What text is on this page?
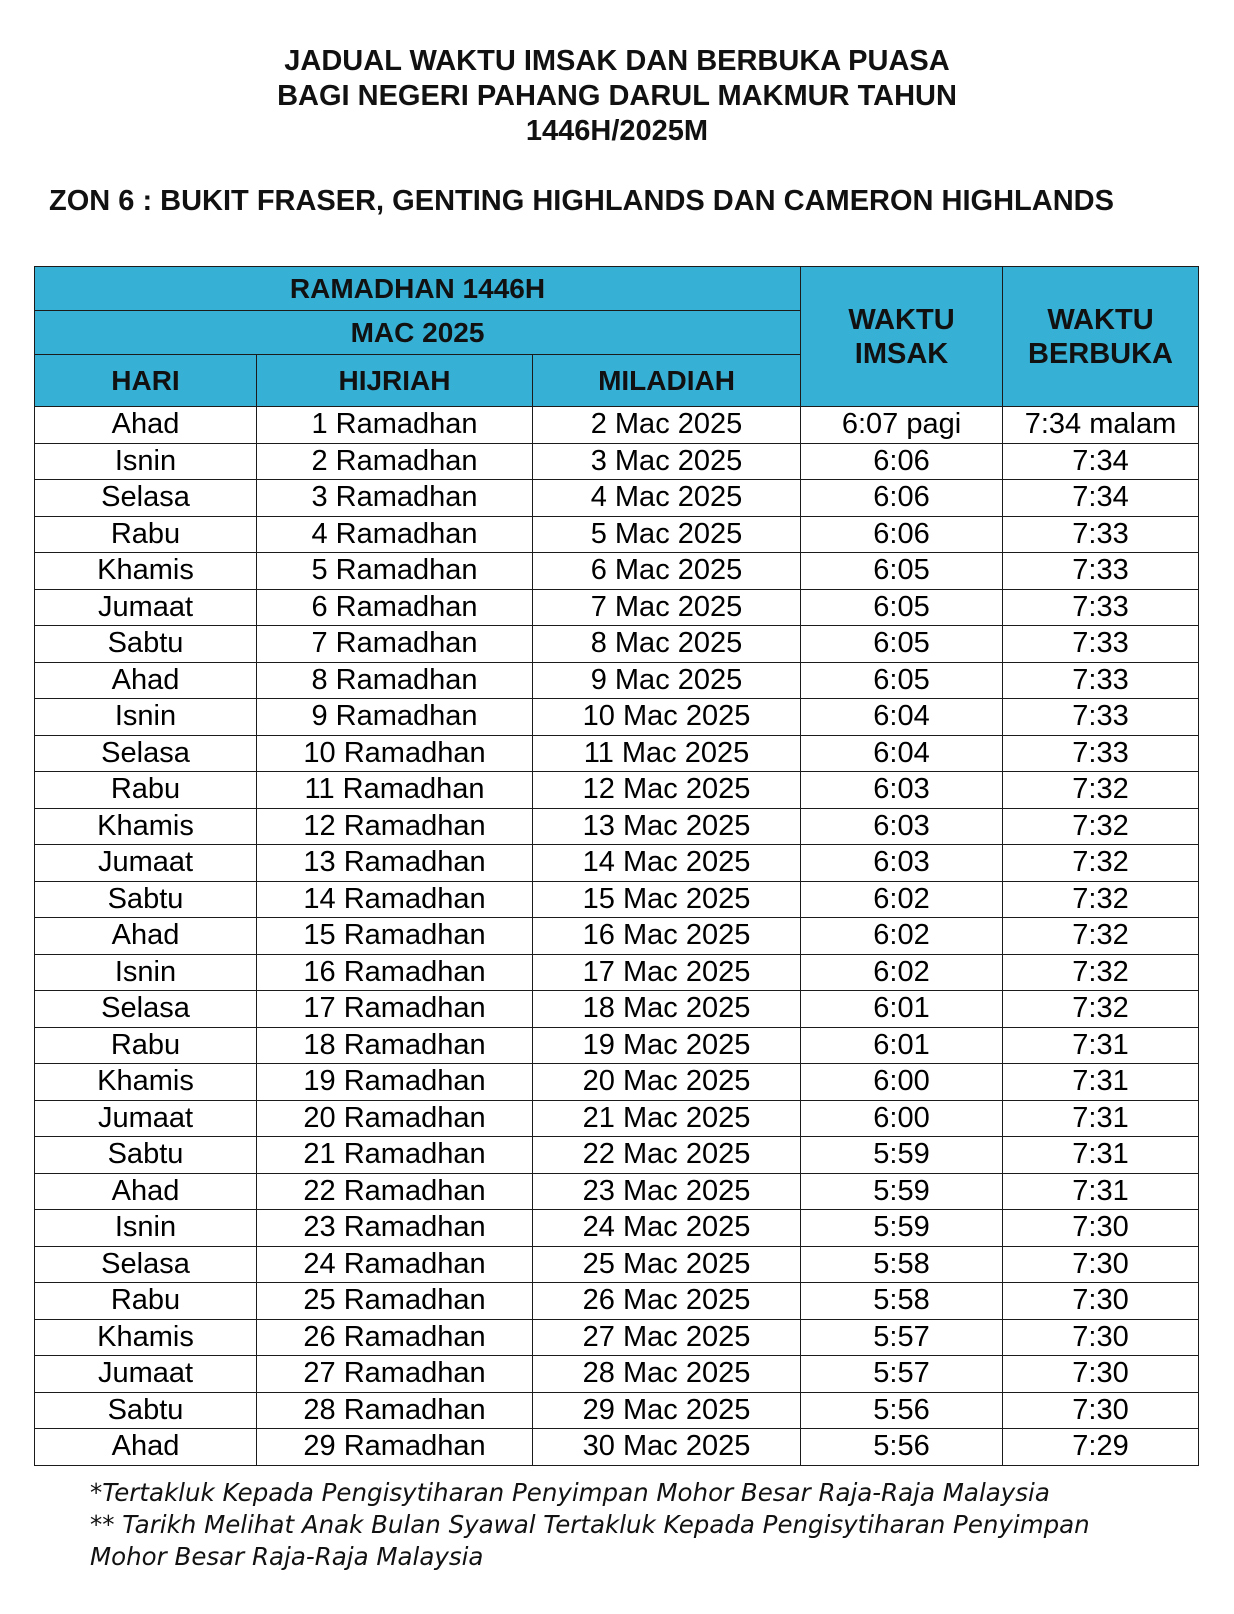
JADUAL WAKTU IMSAK DAN BERBUKA PUASA
BAGI NEGERI PAHANG DARUL MAKMUR TAHUN
1446H/2025M
ZON 6 : BUKIT FRASER, GENTING HIGHLANDS DAN CAMERON HIGHLANDS
RAMADHAN 1446H			WAKTU IMSAK	WAKTU BERBUKA
MAC 2025				
HARI	HIJRIAH	MILADIAH		
Ahad	1 Ramadhan	2 Mac 2025	6:07 pagi	7:34 malam
Isnin	2 Ramadhan	3 Mac 2025	6:06	7:34
Selasa	3 Ramadhan	4 Mac 2025	6:06	7:34
Rabu	4 Ramadhan	5 Mac 2025	6:06	7:33
Khamis	5 Ramadhan	6 Mac 2025	6:05	7:33
Jumaat	6 Ramadhan	7 Mac 2025	6:05	7:33
Sabtu	7 Ramadhan	8 Mac 2025	6:05	7:33
Ahad	8 Ramadhan	9 Mac 2025	6:05	7:33
Isnin	9 Ramadhan	10 Mac 2025	6:04	7:33
Selasa	10 Ramadhan	11 Mac 2025	6:04	7:33
Rabu	11 Ramadhan	12 Mac 2025	6:03	7:32
Khamis	12 Ramadhan	13 Mac 2025	6:03	7:32
Jumaat	13 Ramadhan	14 Mac 2025	6:03	7:32
Sabtu	14 Ramadhan	15 Mac 2025	6:02	7:32
Ahad	15 Ramadhan	16 Mac 2025	6:02	7:32
Isnin	16 Ramadhan	17 Mac 2025	6:02	7:32
Selasa	17 Ramadhan	18 Mac 2025	6:01	7:32
Rabu	18 Ramadhan	19 Mac 2025	6:01	7:31
Khamis	19 Ramadhan	20 Mac 2025	6:00	7:31
Jumaat	20 Ramadhan	21 Mac 2025	6:00	7:31
Sabtu	21 Ramadhan	22 Mac 2025	5:59	7:31
Ahad	22 Ramadhan	23 Mac 2025	5:59	7:31
Isnin	23 Ramadhan	24 Mac 2025	5:59	7:30
Selasa	24 Ramadhan	25 Mac 2025	5:58	7:30
Rabu	25 Ramadhan	26 Mac 2025	5:58	7:30
Khamis	26 Ramadhan	27 Mac 2025	5:57	7:30
Jumaat	27 Ramadhan	28 Mac 2025	5:57	7:30
Sabtu	28 Ramadhan	29 Mac 2025	5:56	7:30
Ahad	29 Ramadhan	30 Mac 2025	5:56	7:29
*Tertakluk Kepada Pengisytiharan Penyimpan Mohor Besar Raja-Raja Malaysia
** Tarikh Melihat Anak Bulan Syawal Tertakluk Kepada Pengisytiharan Penyimpan
Mohor Besar Raja-Raja Malaysia
